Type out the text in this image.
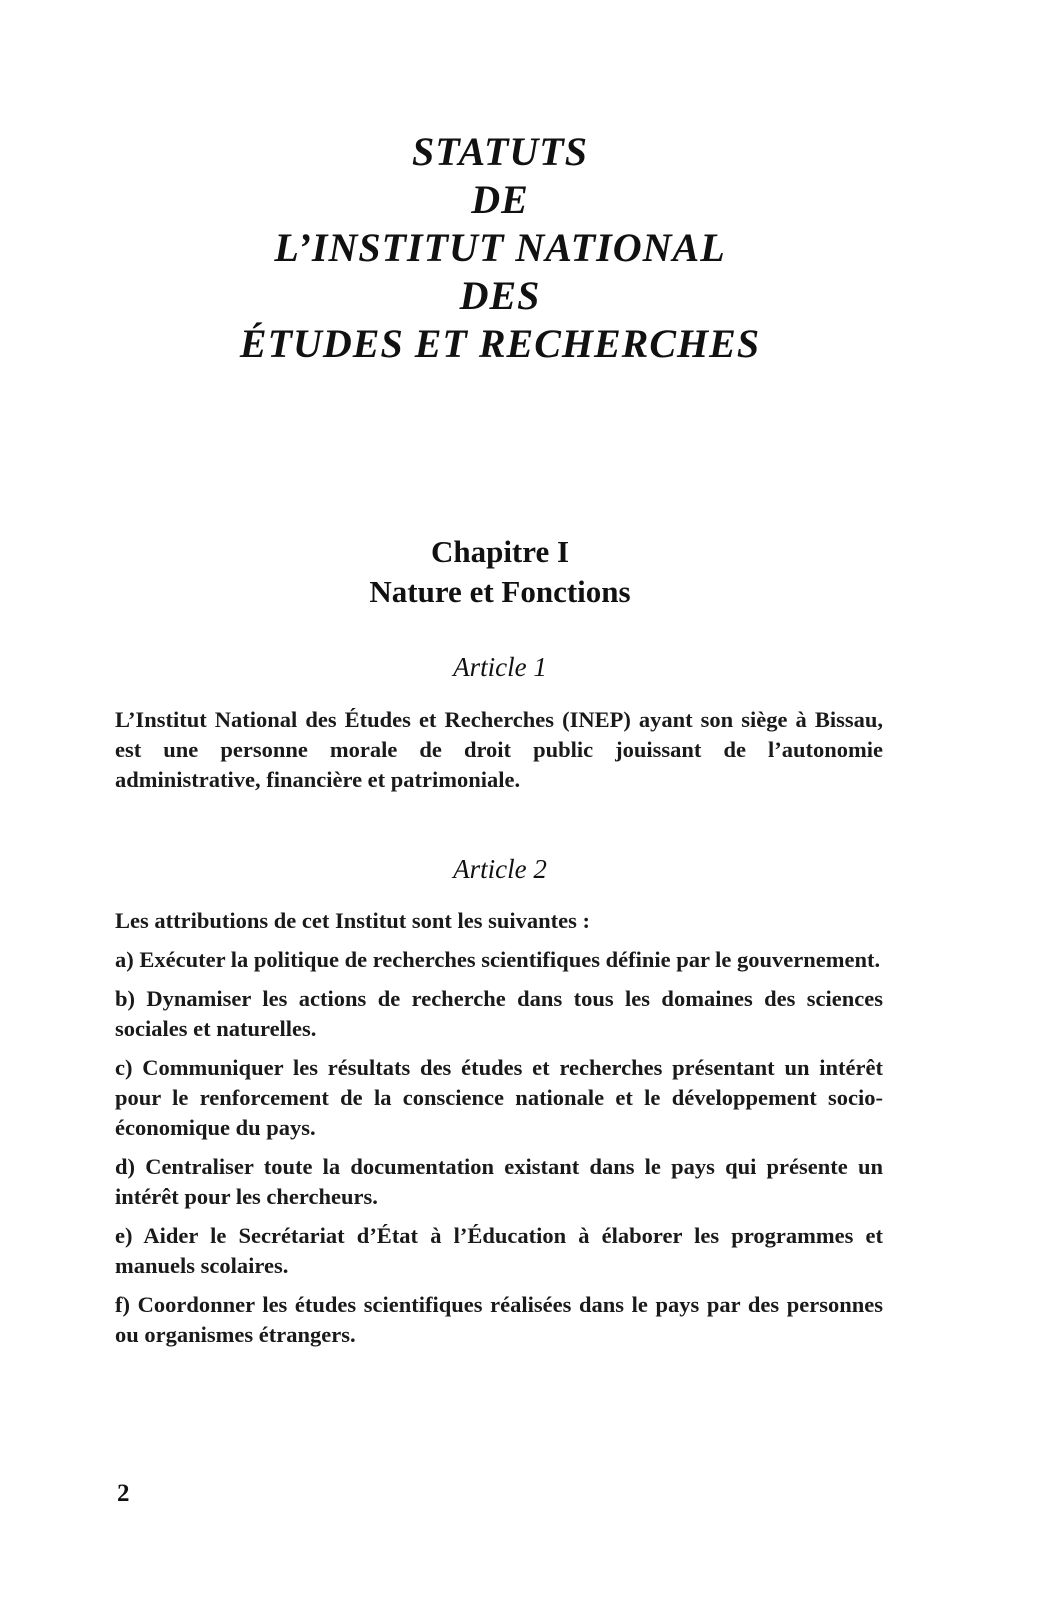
STATUTS
DE
L’INSTITUT NATIONAL
DES
ÉTUDES ET RECHERCHES
Chapitre I
Nature et Fonctions
Article 1

L’Institut National des Études et Recherches (INEP) ayant son siège à Bissau, est une personne morale de droit public jouissant de l’autonomie administrative, financière et patrimoniale.

Article 2

Les attributions de cet Institut sont les suivantes :

a) Exécuter la politique de recherches scientifiques définie par le gouvernement.

b) Dynamiser les actions de recherche dans tous les domaines des sciences sociales et naturelles.

c) Communiquer les résultats des études et recherches présentant un intérêt pour le renforcement de la conscience nationale et le développement socio-économique du pays.

d) Centraliser toute la documentation existant dans le pays qui présente un intérêt pour les chercheurs.

e) Aider le Secrétariat d’État à l’Éducation à élaborer les programmes et manuels scolaires.

f) Coordonner les études scientifiques réalisées dans le pays par des personnes ou organismes étrangers.

2
